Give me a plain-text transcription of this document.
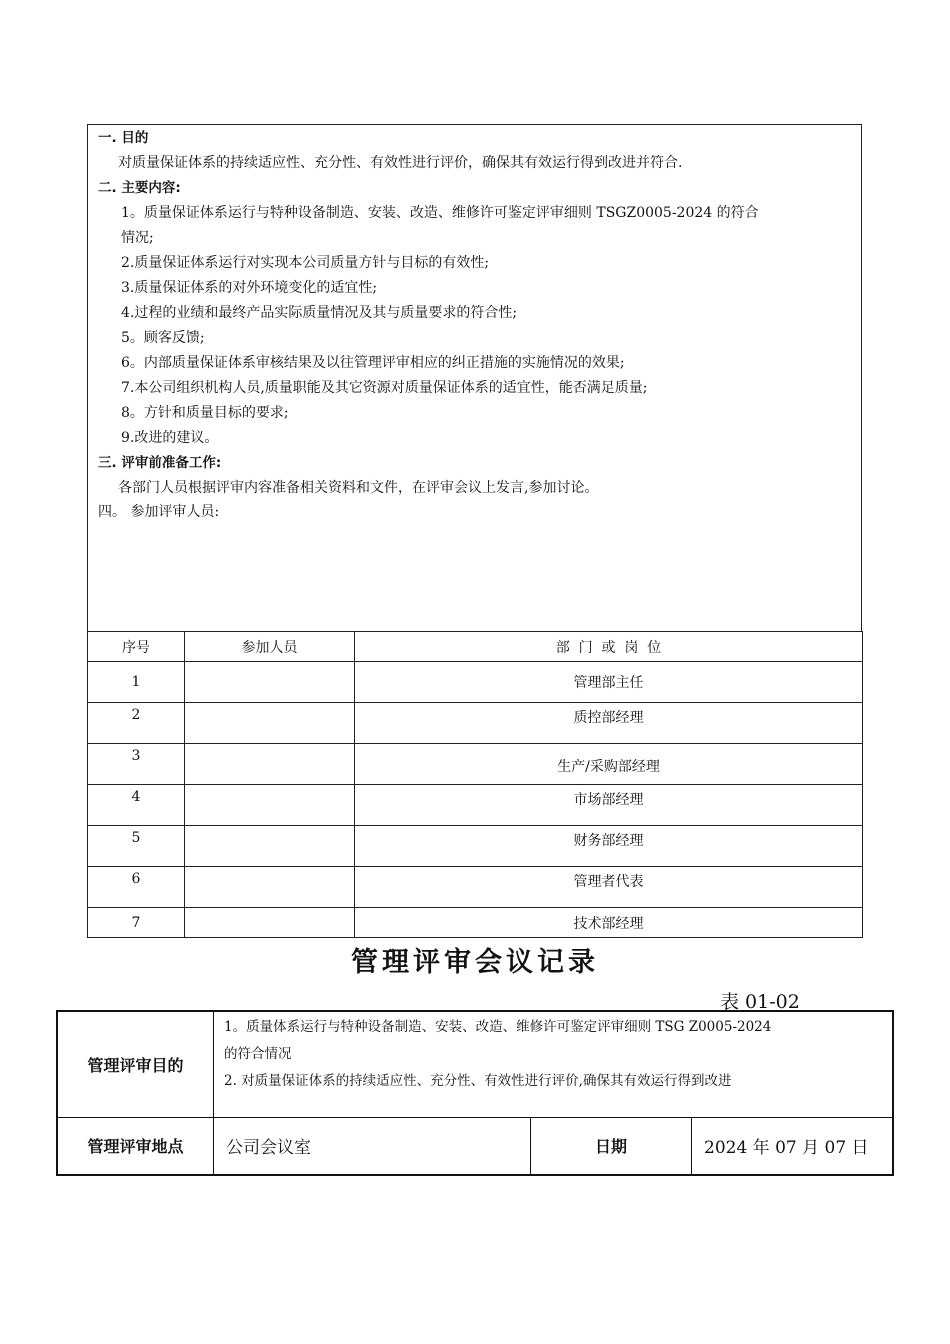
一. 目的
对质量保证体系的持续适应性、充分性、有效性进行评价，确保其有效运行得到改进并符合.
二. 主要内容:
1。质量保证体系运行与特种设备制造、安装、改造、维修许可鉴定评审细则 TSGZ0005-2024 的符合
情况;
2.质量保证体系运行对实现本公司质量方针与目标的有效性;
3.质量保证体系的对外环境变化的适宜性;
4.过程的业绩和最终产品实际质量情况及其与质量要求的符合性;
5。顾客反馈;
6。内部质量保证体系审核结果及以往管理评审相应的纠正措施的实施情况的效果;
7.本公司组织机构人员,质量职能及其它资源对质量保证体系的适宜性，能否满足质量;
8。方针和质量目标的要求;
9.改进的建议。
三. 评审前准备工作:
各部门人员根据评审内容准备相关资料和文件，在评审会议上发言,参加讨论。
四。 参加评审人员:
序号	参加人员	部  门  或  岗  位
1		管理部主任
2		质控部经理
3		生产/采购部经理
4		市场部经理
5		财务部经理
6		管理者代表
7		技术部经理
管理评审会议记录
表 01-02
管理评审目的	1。质量体系运行与特种设备制造、安装、改造、维修许可鉴定评审细则 TSG Z0005-2024
的符合情况
2. 对质量保证体系的持续适应性、充分性、有效性进行评价,确保其有效运行得到改进		

管理评审地点	公司会议室	日期	2024 年 07 月 07 日
